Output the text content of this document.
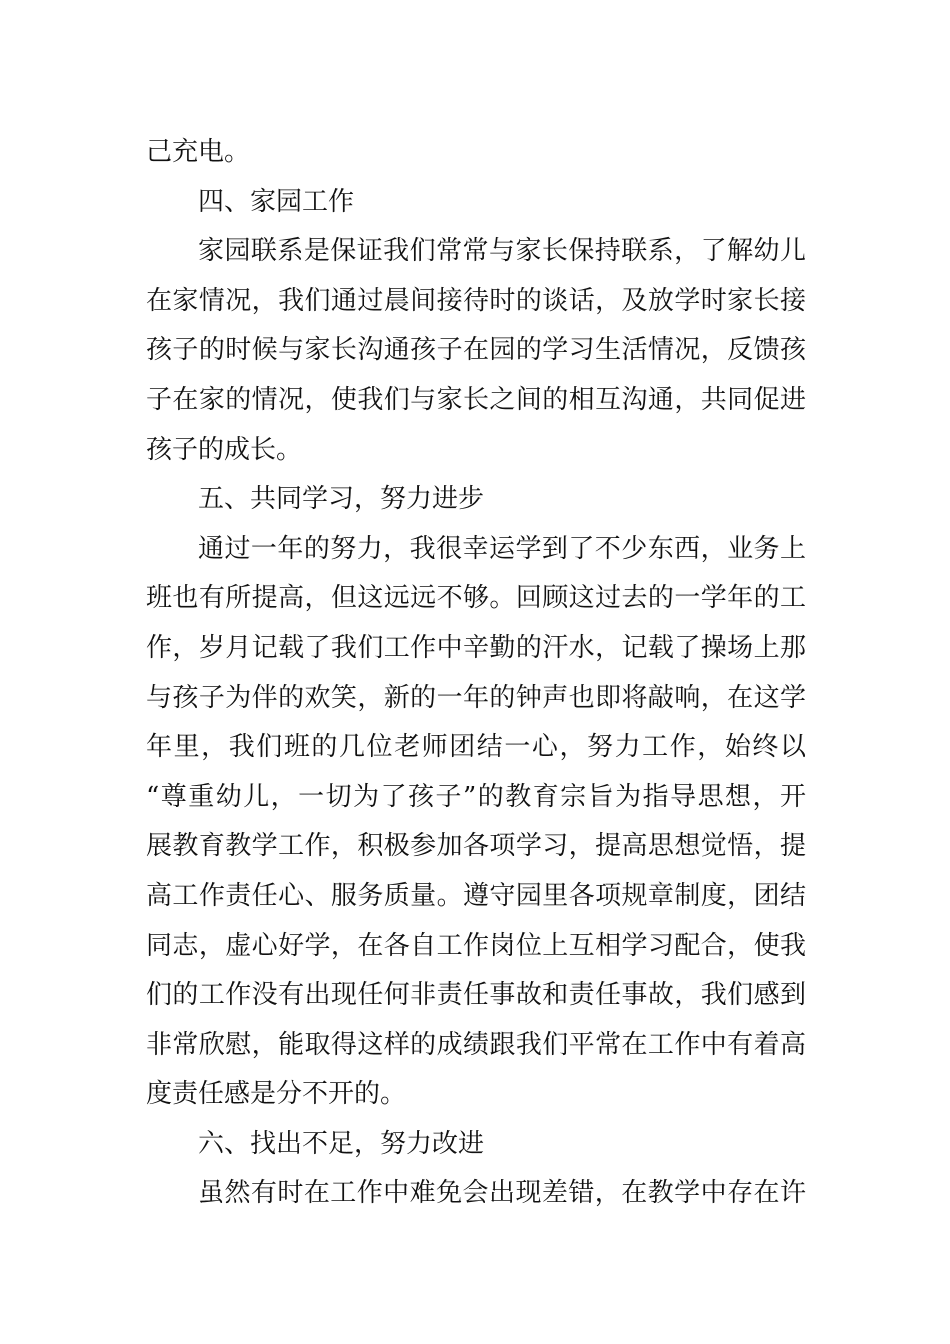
己充电。
四、家园工作
家园联系是保证我们常常与家长保持联系，了解幼儿
在家情况，我们通过晨间接待时的谈话，及放学时家长接
孩子的时候与家长沟通孩子在园的学习生活情况，反馈孩
子在家的情况，使我们与家长之间的相互沟通，共同促进
孩子的成长。
五、共同学习，努力进步
通过一年的努力，我很幸运学到了不少东西，业务上
班也有所提高，但这远远不够。回顾这过去的一学年的工
作，岁月记载了我们工作中辛勤的汗水，记载了操场上那
与孩子为伴的欢笑，新的一年的钟声也即将敲响，在这学
年里，我们班的几位老师团结一心，努力工作，始终以
“尊重幼儿，一切为了孩子”的教育宗旨为指导思想，开
展教育教学工作，积极参加各项学习，提高思想觉悟，提
高工作责任心、服务质量。遵守园里各项规章制度，团结
同志，虚心好学，在各自工作岗位上互相学习配合，使我
们的工作没有出现任何非责任事故和责任事故，我们感到
非常欣慰，能取得这样的成绩跟我们平常在工作中有着高
度责任感是分不开的。
六、找出不足，努力改进
虽然有时在工作中难免会出现差错，在教学中存在许
